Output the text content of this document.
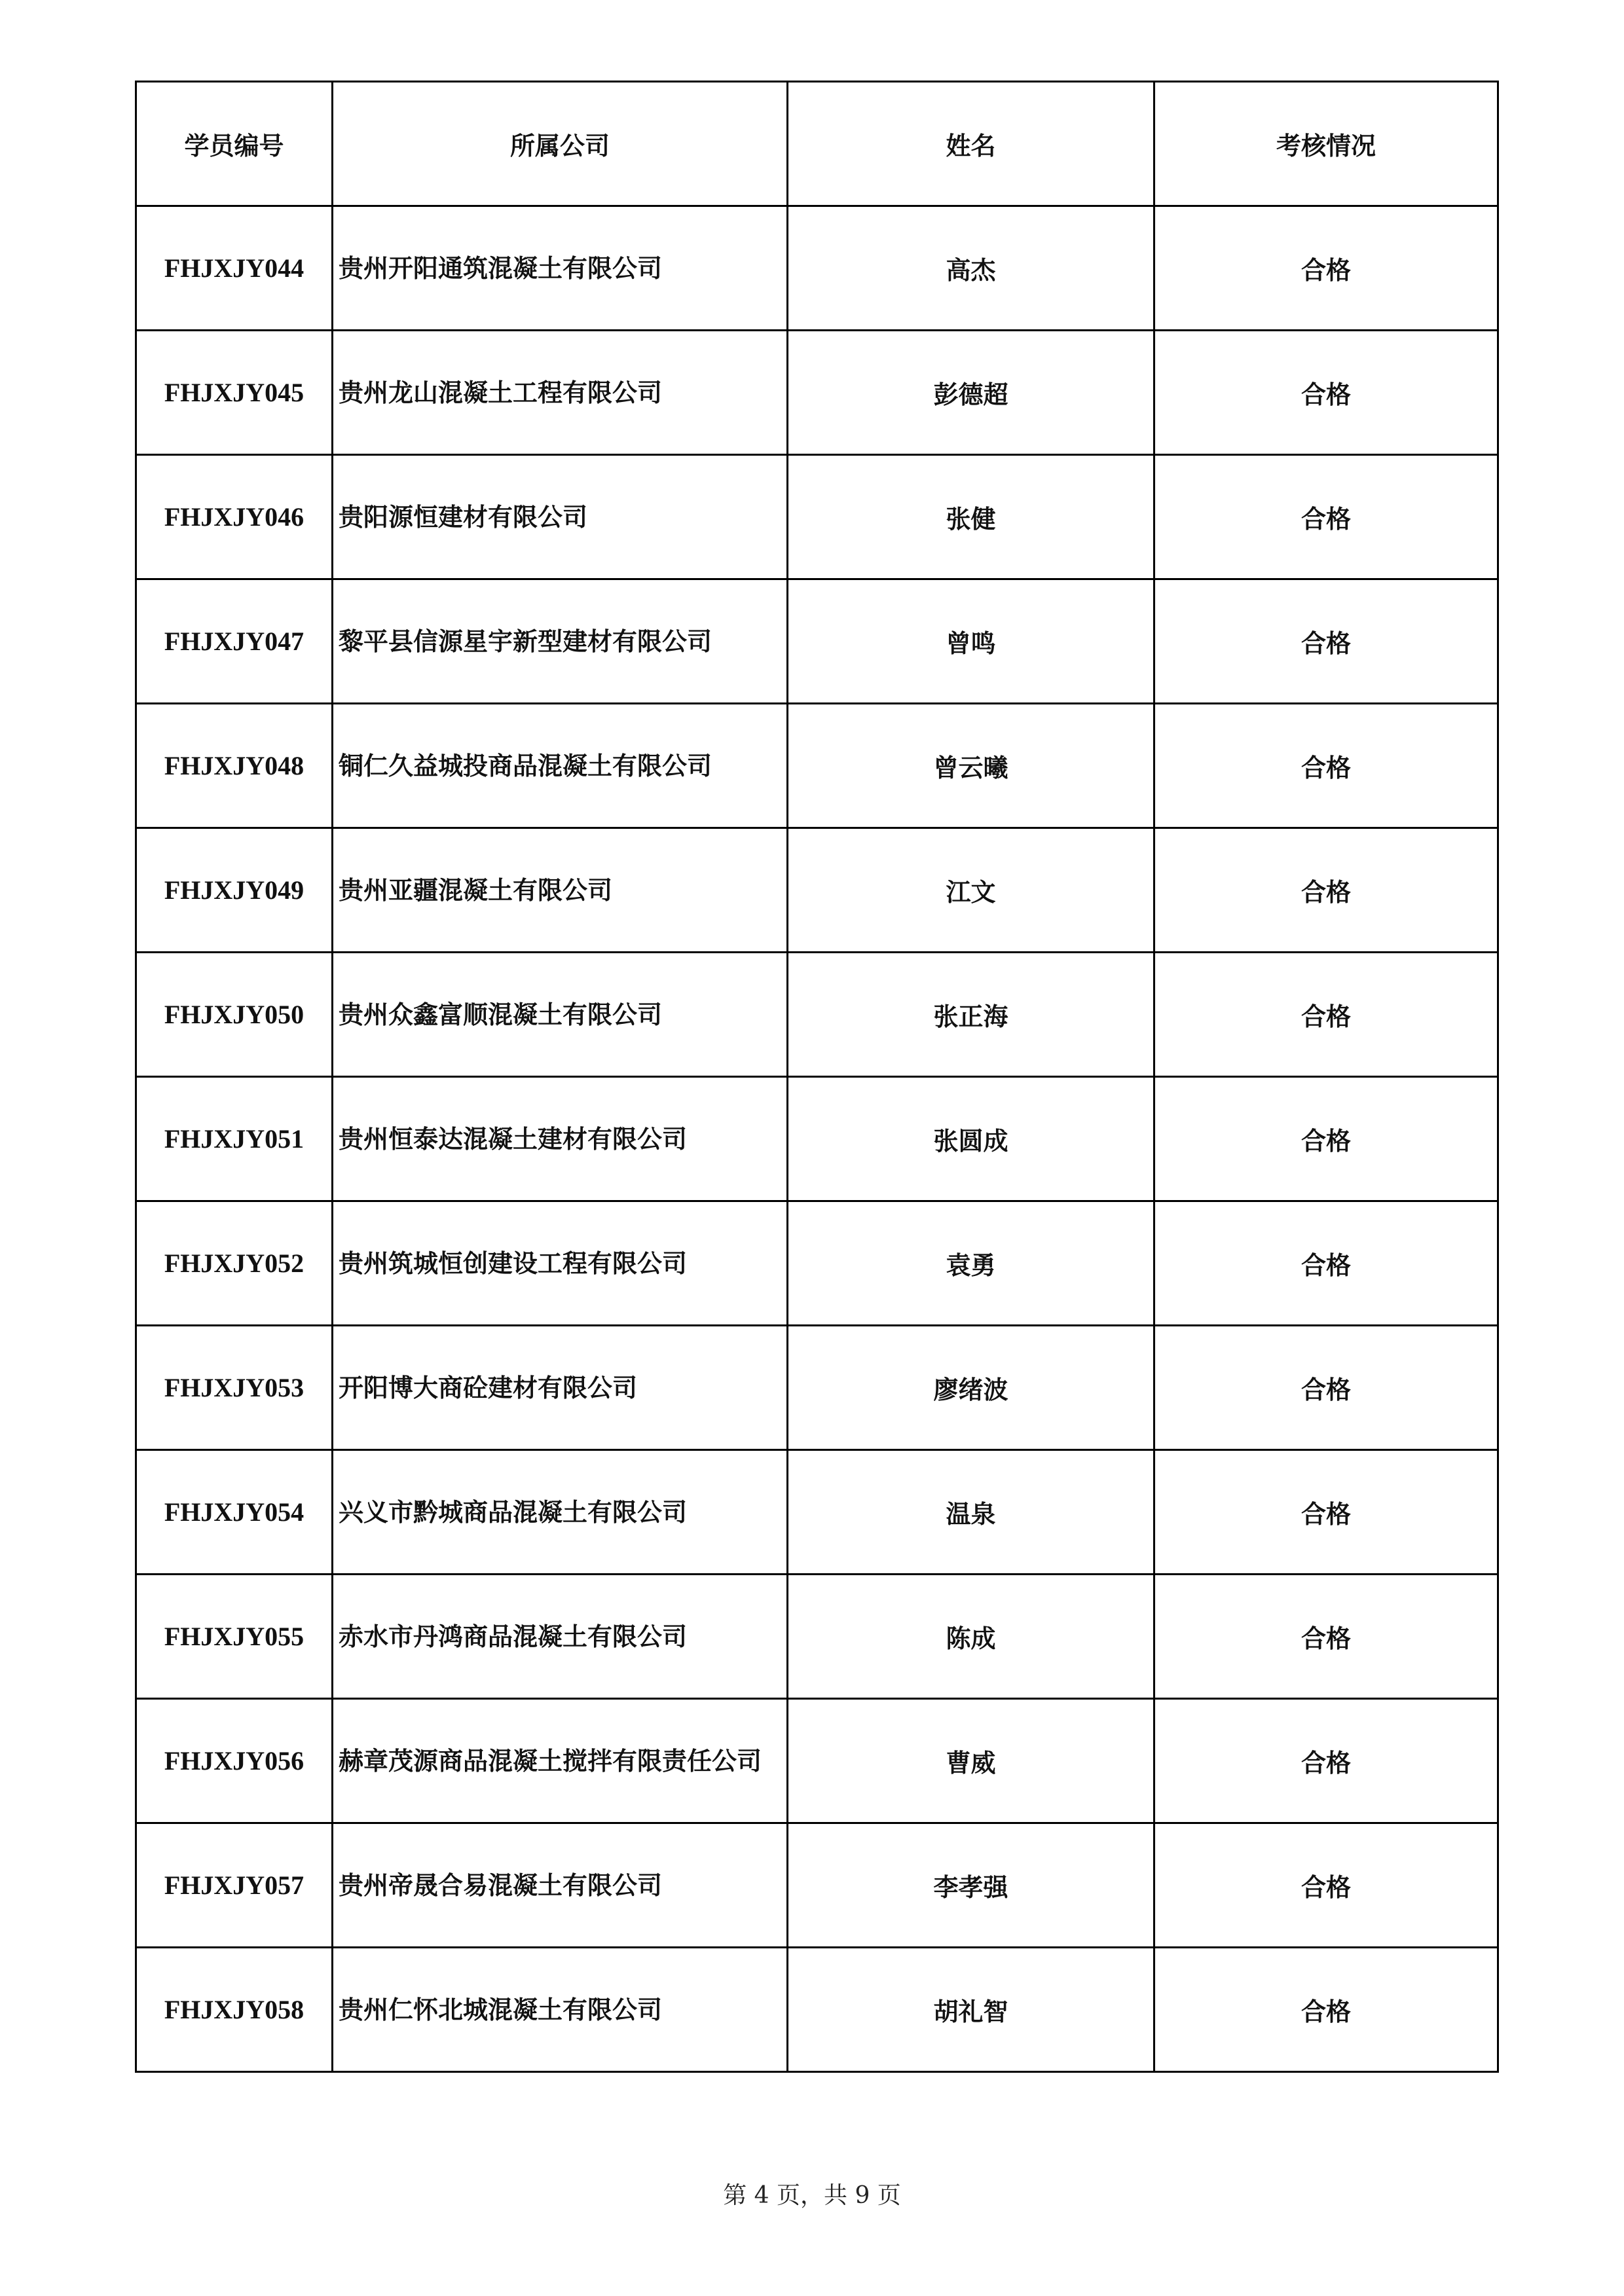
学员编号	所属公司	姓名	考核情况
FHJXJY044	贵州开阳通筑混凝土有限公司	高杰	合格
FHJXJY045	贵州龙山混凝土工程有限公司	彭德超	合格
FHJXJY046	贵阳源恒建材有限公司	张健	合格
FHJXJY047	黎平县信源星宇新型建材有限公司	曾鸣	合格
FHJXJY048	铜仁久益城投商品混凝土有限公司	曾云曦	合格
FHJXJY049	贵州亚疆混凝土有限公司	江文	合格
FHJXJY050	贵州众鑫富顺混凝土有限公司	张正海	合格
FHJXJY051	贵州恒泰达混凝土建材有限公司	张圆成	合格
FHJXJY052	贵州筑城恒创建设工程有限公司	袁勇	合格
FHJXJY053	开阳博大商砼建材有限公司	廖绪波	合格
FHJXJY054	兴义市黔城商品混凝土有限公司	温泉	合格
FHJXJY055	赤水市丹鸿商品混凝土有限公司	陈成	合格
FHJXJY056	赫章茂源商品混凝土搅拌有限责任公司	曹威	合格
FHJXJY057	贵州帝晟合易混凝土有限公司	李孝强	合格
FHJXJY058	贵州仁怀北城混凝土有限公司	胡礼智	合格
第 4 页，共 9 页
